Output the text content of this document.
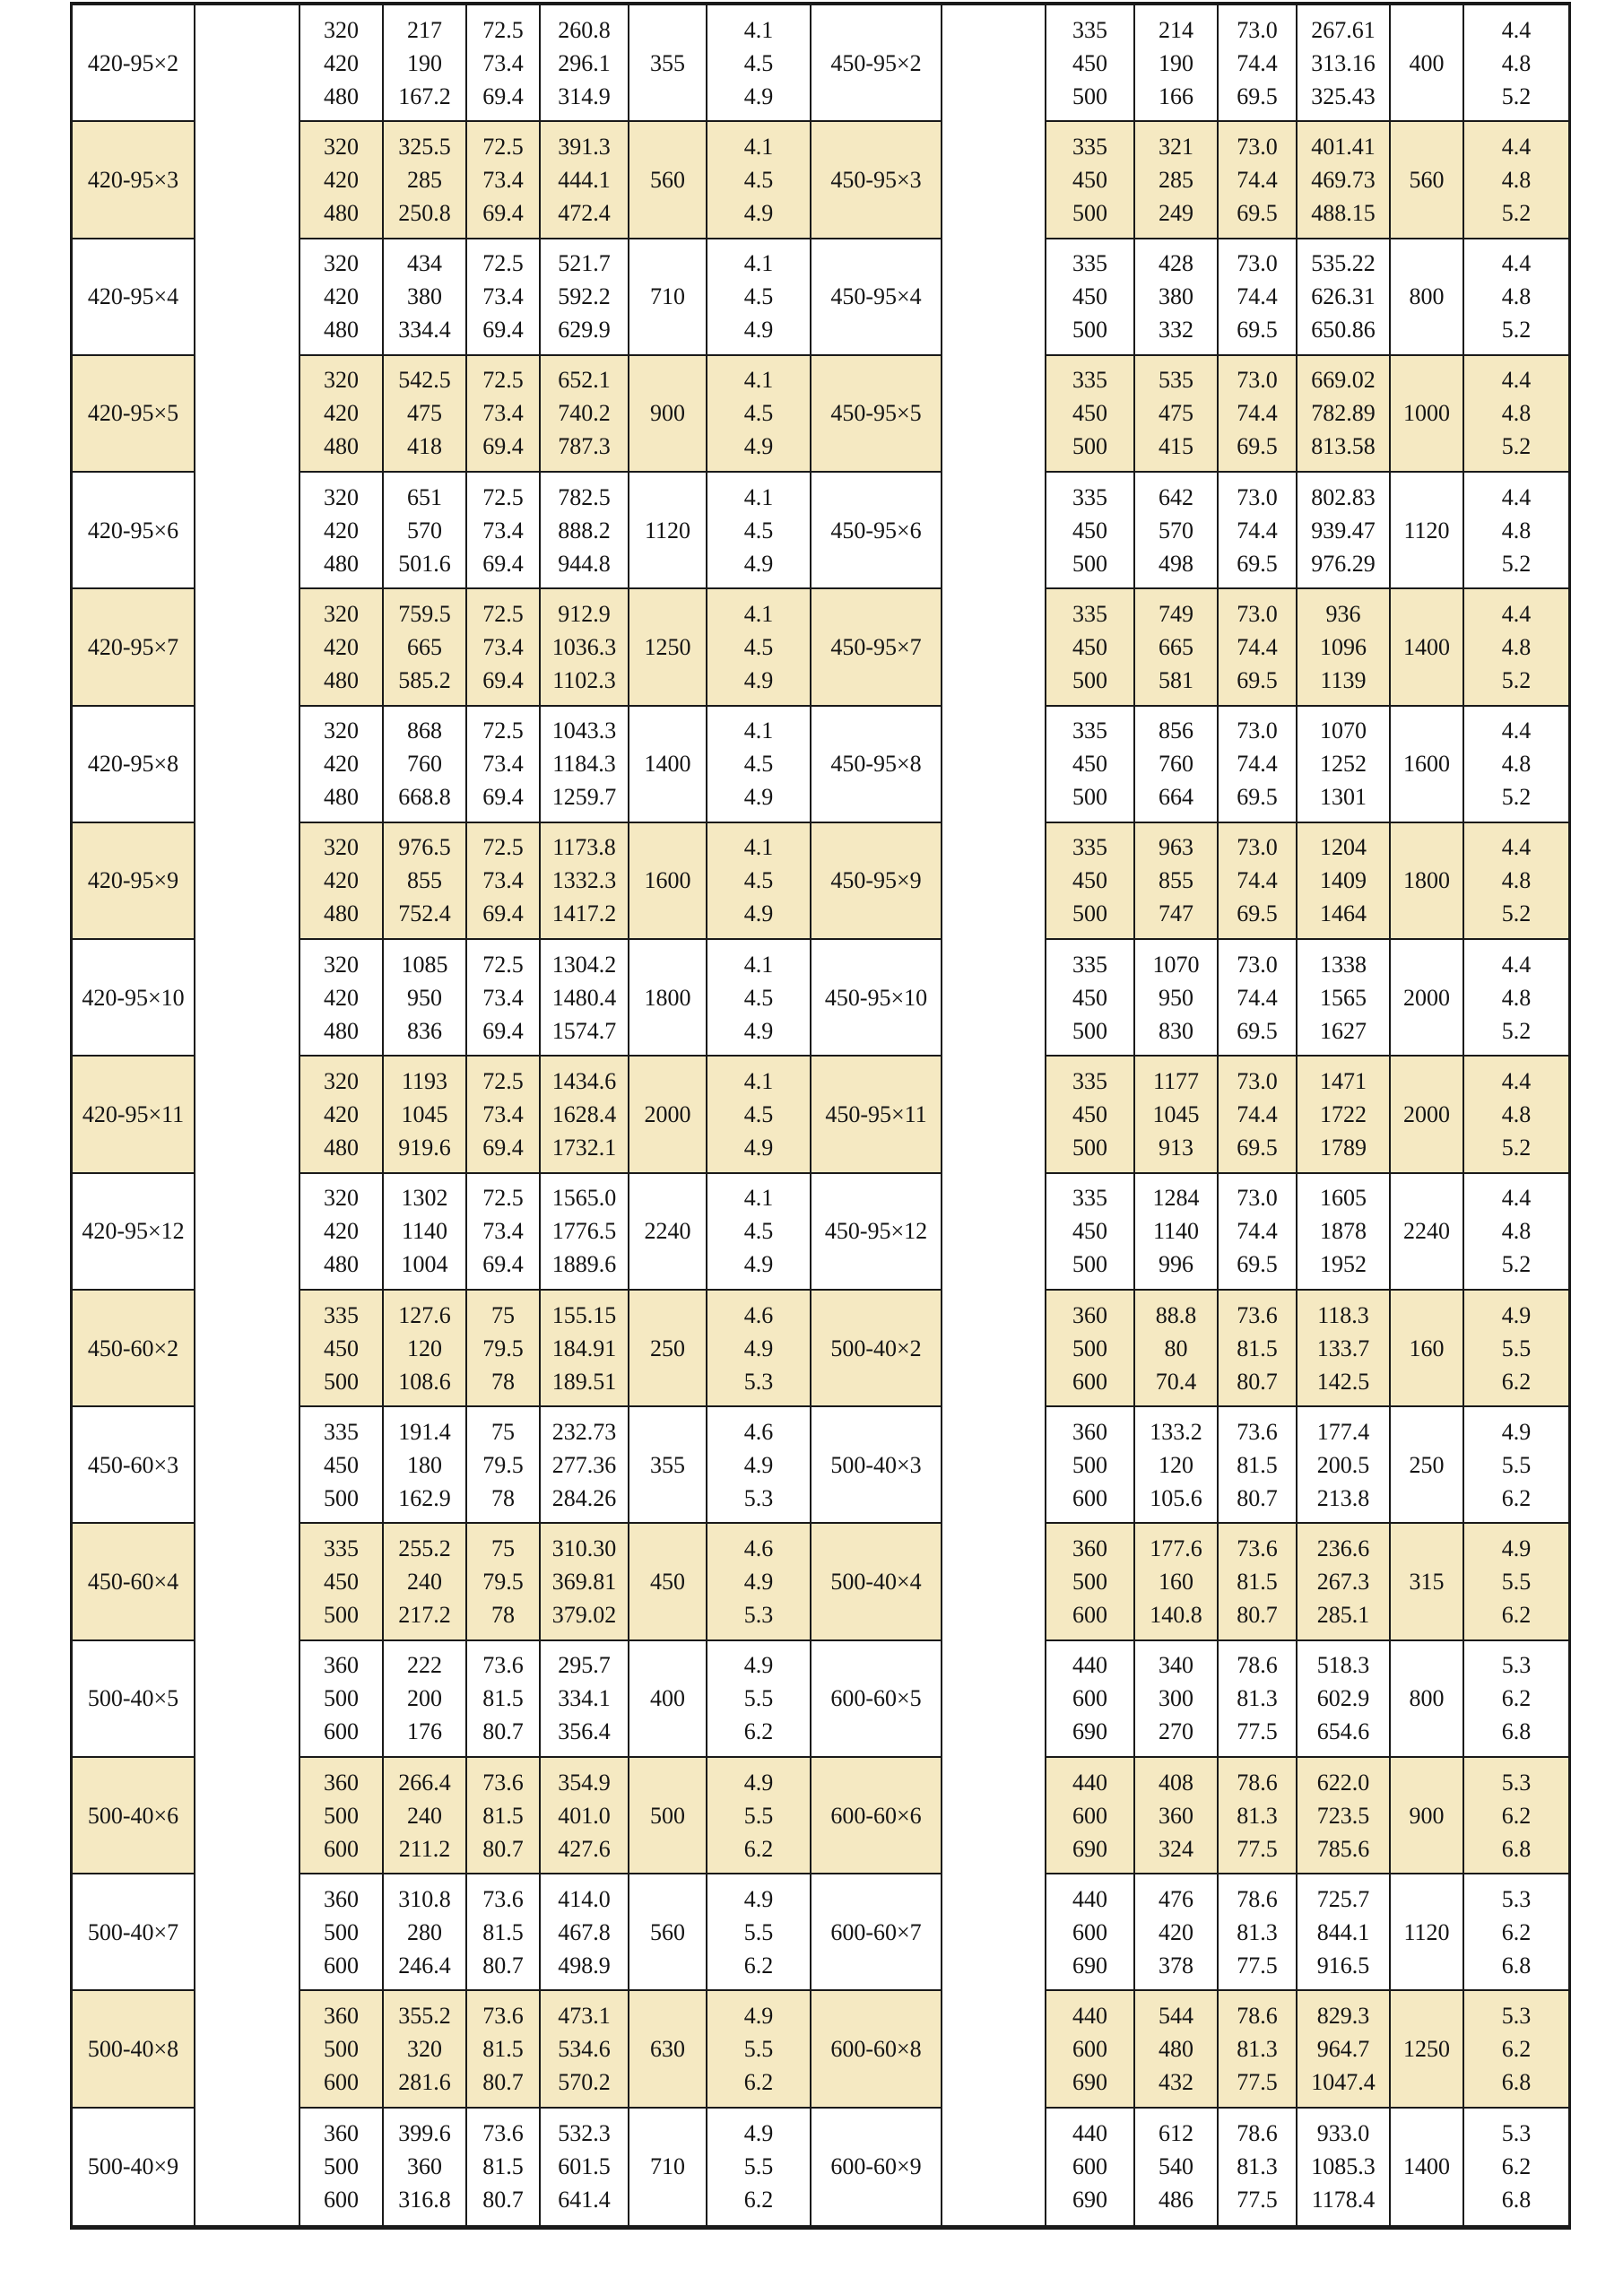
420-95×2
320
420
480
217
190
167.2
72.5
73.4
69.4
260.8
296.1
314.9
355
4.1
4.5
4.9
450-95×2
335
450
500
214
190
166
73.0
74.4
69.5
267.61
313.16
325.43
400
4.4
4.8
5.2
420-95×3
320
420
480
325.5
285
250.8
72.5
73.4
69.4
391.3
444.1
472.4
560
4.1
4.5
4.9
450-95×3
335
450
500
321
285
249
73.0
74.4
69.5
401.41
469.73
488.15
560
4.4
4.8
5.2
420-95×4
320
420
480
434
380
334.4
72.5
73.4
69.4
521.7
592.2
629.9
710
4.1
4.5
4.9
450-95×4
335
450
500
428
380
332
73.0
74.4
69.5
535.22
626.31
650.86
800
4.4
4.8
5.2
420-95×5
320
420
480
542.5
475
418
72.5
73.4
69.4
652.1
740.2
787.3
900
4.1
4.5
4.9
450-95×5
335
450
500
535
475
415
73.0
74.4
69.5
669.02
782.89
813.58
1000
4.4
4.8
5.2
420-95×6
320
420
480
651
570
501.6
72.5
73.4
69.4
782.5
888.2
944.8
1120
4.1
4.5
4.9
450-95×6
335
450
500
642
570
498
73.0
74.4
69.5
802.83
939.47
976.29
1120
4.4
4.8
5.2
420-95×7
320
420
480
759.5
665
585.2
72.5
73.4
69.4
912.9
1036.3
1102.3
1250
4.1
4.5
4.9
450-95×7
335
450
500
749
665
581
73.0
74.4
69.5
936
1096
1139
1400
4.4
4.8
5.2
420-95×8
320
420
480
868
760
668.8
72.5
73.4
69.4
1043.3
1184.3
1259.7
1400
4.1
4.5
4.9
450-95×8
335
450
500
856
760
664
73.0
74.4
69.5
1070
1252
1301
1600
4.4
4.8
5.2
420-95×9
320
420
480
976.5
855
752.4
72.5
73.4
69.4
1173.8
1332.3
1417.2
1600
4.1
4.5
4.9
450-95×9
335
450
500
963
855
747
73.0
74.4
69.5
1204
1409
1464
1800
4.4
4.8
5.2
420-95×10
320
420
480
1085
950
836
72.5
73.4
69.4
1304.2
1480.4
1574.7
1800
4.1
4.5
4.9
450-95×10
335
450
500
1070
950
830
73.0
74.4
69.5
1338
1565
1627
2000
4.4
4.8
5.2
420-95×11
320
420
480
1193
1045
919.6
72.5
73.4
69.4
1434.6
1628.4
1732.1
2000
4.1
4.5
4.9
450-95×11
335
450
500
1177
1045
913
73.0
74.4
69.5
1471
1722
1789
2000
4.4
4.8
5.2
420-95×12
320
420
480
1302
1140
1004
72.5
73.4
69.4
1565.0
1776.5
1889.6
2240
4.1
4.5
4.9
450-95×12
335
450
500
1284
1140
996
73.0
74.4
69.5
1605
1878
1952
2240
4.4
4.8
5.2
450-60×2
335
450
500
127.6
120
108.6
75
79.5
78
155.15
184.91
189.51
250
4.6
4.9
5.3
500-40×2
360
500
600
88.8
80
70.4
73.6
81.5
80.7
118.3
133.7
142.5
160
4.9
5.5
6.2
450-60×3
335
450
500
191.4
180
162.9
75
79.5
78
232.73
277.36
284.26
355
4.6
4.9
5.3
500-40×3
360
500
600
133.2
120
105.6
73.6
81.5
80.7
177.4
200.5
213.8
250
4.9
5.5
6.2
450-60×4
335
450
500
255.2
240
217.2
75
79.5
78
310.30
369.81
379.02
450
4.6
4.9
5.3
500-40×4
360
500
600
177.6
160
140.8
73.6
81.5
80.7
236.6
267.3
285.1
315
4.9
5.5
6.2
500-40×5
360
500
600
222
200
176
73.6
81.5
80.7
295.7
334.1
356.4
400
4.9
5.5
6.2
600-60×5
440
600
690
340
300
270
78.6
81.3
77.5
518.3
602.9
654.6
800
5.3
6.2
6.8
500-40×6
360
500
600
266.4
240
211.2
73.6
81.5
80.7
354.9
401.0
427.6
500
4.9
5.5
6.2
600-60×6
440
600
690
408
360
324
78.6
81.3
77.5
622.0
723.5
785.6
900
5.3
6.2
6.8
500-40×7
360
500
600
310.8
280
246.4
73.6
81.5
80.7
414.0
467.8
498.9
560
4.9
5.5
6.2
600-60×7
440
600
690
476
420
378
78.6
81.3
77.5
725.7
844.1
916.5
1120
5.3
6.2
6.8
500-40×8
360
500
600
355.2
320
281.6
73.6
81.5
80.7
473.1
534.6
570.2
630
4.9
5.5
6.2
600-60×8
440
600
690
544
480
432
78.6
81.3
77.5
829.3
964.7
1047.4
1250
5.3
6.2
6.8
500-40×9
360
500
600
399.6
360
316.8
73.6
81.5
80.7
532.3
601.5
641.4
710
4.9
5.5
6.2
600-60×9
440
600
690
612
540
486
78.6
81.3
77.5
933.0
1085.3
1178.4
1400
5.3
6.2
6.8
